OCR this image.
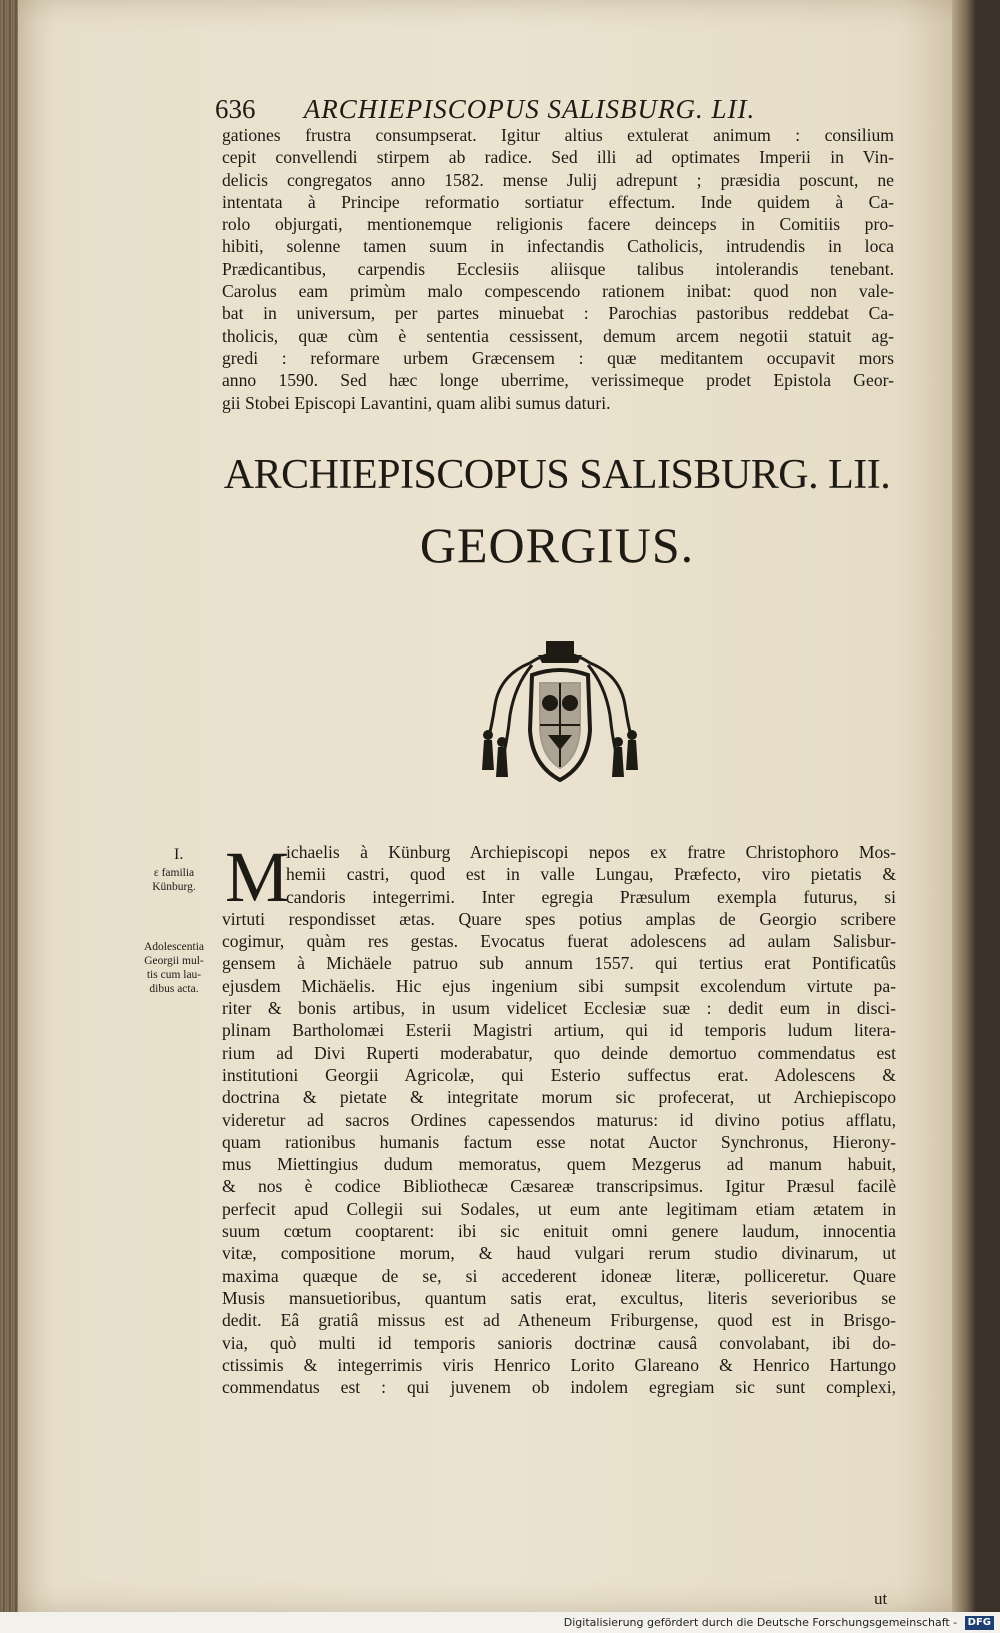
636 ARCHIEPISCOPUS SALISBURG. LII.
gationes frustra consumpserat. Igitur altius extulerat animum : consilium
cepit convellendi stirpem ab radice. Sed illi ad optimates Imperii in Vin-
delicis congregatos anno 1582. mense Julij adrepunt ; præsidia poscunt, ne
intentata à Principe reformatio sortiatur effectum. Inde quidem à Ca-
rolo objurgati, mentionemque religionis facere deinceps in Comitiis pro-
hibiti, solenne tamen suum in infectandis Catholicis, intrudendis in loca
Prædicantibus, carpendis Ecclesiis aliisque talibus intolerandis tenebant.
Carolus eam primùm malo compescendo rationem inibat: quod non vale-
bat in universum, per partes minuebat : Parochias pastoribus reddebat Ca-
tholicis, quæ cùm è sententia cessissent, demum arcem negotii statuit ag-
gredi : reformare urbem Græcensem : quæ meditantem occupavit mors
anno 1590. Sed hæc longe uberrime, verissimeque prodet Epistola Geor-
gii Stobei Episcopi Lavantini, quam alibi sumus daturi.
ARCHIEPISCOPUS SALISBURG. LII.
GEORGIUS.
I.
ε familia
Künburg.
Adolescentia
Georgii mul-
tis cum lau-
dibus acta.
M
ichaelis à Künburg Archiepiscopi nepos ex fratre Christophoro Mos-
hemii castri, quod est in valle Lungau, Præfecto, viro pietatis &
candoris integerrimi. Inter egregia Præsulum exempla futurus, si
virtuti respondisset ætas. Quare spes potius amplas de Georgio scribere
cogimur, quàm res gestas. Evocatus fuerat adolescens ad aulam Salisbur-
gensem à Michäele patruo sub annum 1557. qui tertius erat Pontificatûs
ejusdem Michäelis. Hic ejus ingenium sibi sumpsit excolendum virtute pa-
riter & bonis artibus, in usum videlicet Ecclesiæ suæ : dedit eum in disci-
plinam Bartholomæi Esterii Magistri artium, qui id temporis ludum litera-
rium ad Divi Ruperti moderabatur, quo deinde demortuo commendatus est
institutioni Georgii Agricolæ, qui Esterio suffectus erat. Adolescens &
doctrina & pietate & integritate morum sic profecerat, ut Archiepiscopo
videretur ad sacros Ordines capessendos maturus: id divino potius afflatu,
quam rationibus humanis factum esse notat Auctor Synchronus, Hierony-
mus Miettingius dudum memoratus, quem Mezgerus ad manum habuit,
& nos è codice Bibliothecæ Cæsareæ transcripsimus. Igitur Præsul facilè
perfecit apud Collegii sui Sodales, ut eum ante legitimam etiam ætatem in
suum cœtum cooptarent: ibi sic enituit omni genere laudum, innocentia
vitæ, compositione morum, & haud vulgari rerum studio divinarum, ut
maxima quæque de se, si accederent idoneæ literæ, polliceretur. Quare
Musis mansuetioribus, quantum satis erat, excultus, literis severioribus se
dedit. Eâ gratiâ missus est ad Atheneum Friburgense, quod est in Brisgo-
via, quò multi id temporis sanioris doctrinæ causâ convolabant, ibi do-
ctissimis & integerrimis viris Henrico Lorito Glareano & Henrico Hartungo
commendatus est : qui juvenem ob indolem egregiam sic sunt complexi,
ut
Digitalisierung gefördert durch die Deutsche Forschungsgemeinschaft - DFG
